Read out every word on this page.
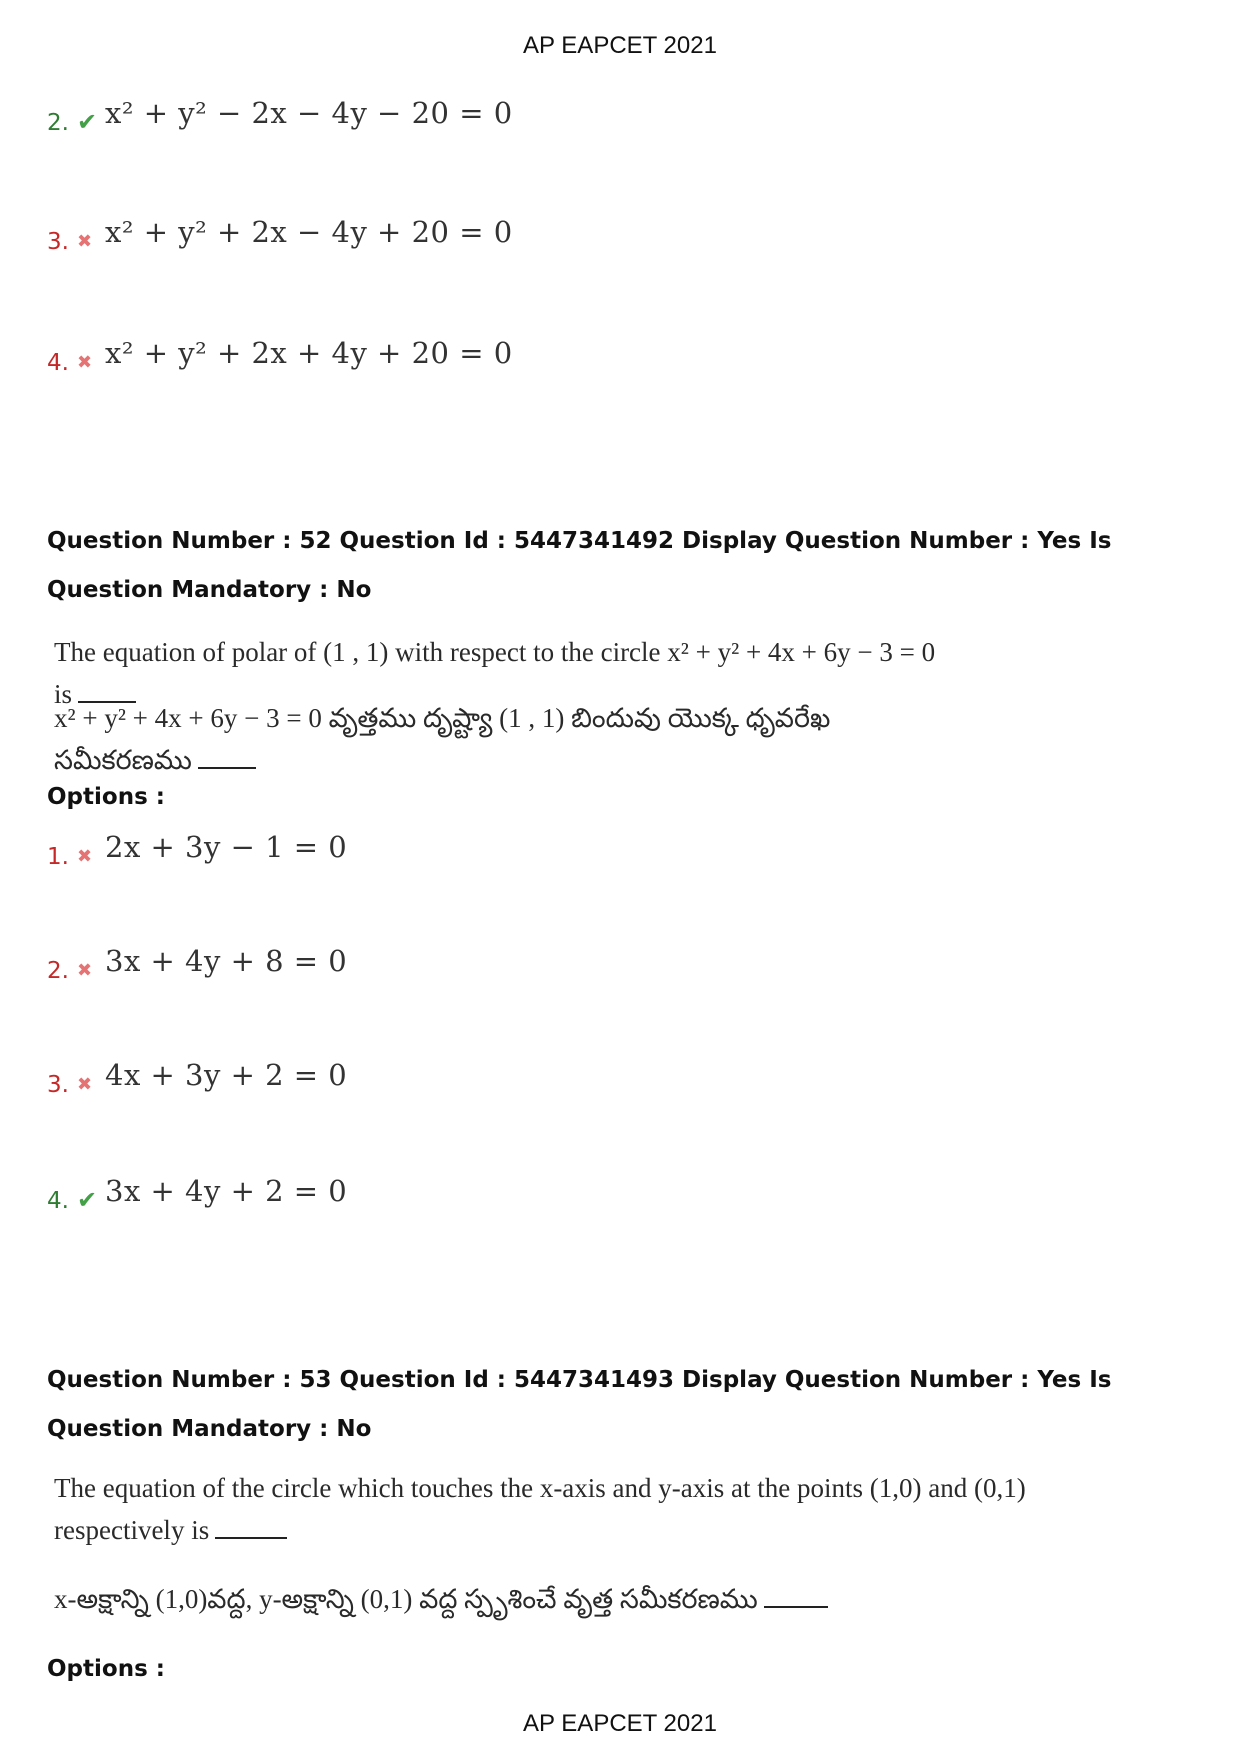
AP EAPCET 2021
2. ✔ x² + y² − 2x − 4y − 20 = 0
3. ✖ x² + y² + 2x − 4y + 20 = 0
4. ✖ x² + y² + 2x + 4y + 20 = 0
Question Number : 52 Question Id : 5447341492 Display Question Number : Yes Is Question Mandatory : No
The equation of polar of (1 , 1) with respect to the circle x² + y² + 4x + 6y − 3 = 0 is
x² + y² + 4x + 6y − 3 = 0 వృత్తము దృష్ట్యా (1 , 1) బిందువు యొక్క ధృవరేఖ సమీకరణము
Options :
1. ✖ 2x + 3y − 1 = 0
2. ✖ 3x + 4y + 8 = 0
3. ✖ 4x + 3y + 2 = 0
4. ✔ 3x + 4y + 2 = 0
Question Number : 53 Question Id : 5447341493 Display Question Number : Yes Is Question Mandatory : No
The equation of the circle which touches the x-axis and y-axis at the points (1,0) and (0,1)
respectively is
x-అక్షాన్ని (1,0)వద్ద, y-అక్షాన్ని (0,1) వద్ద స్పృశించే వృత్త సమీకరణము
Options :
AP EAPCET 2021
